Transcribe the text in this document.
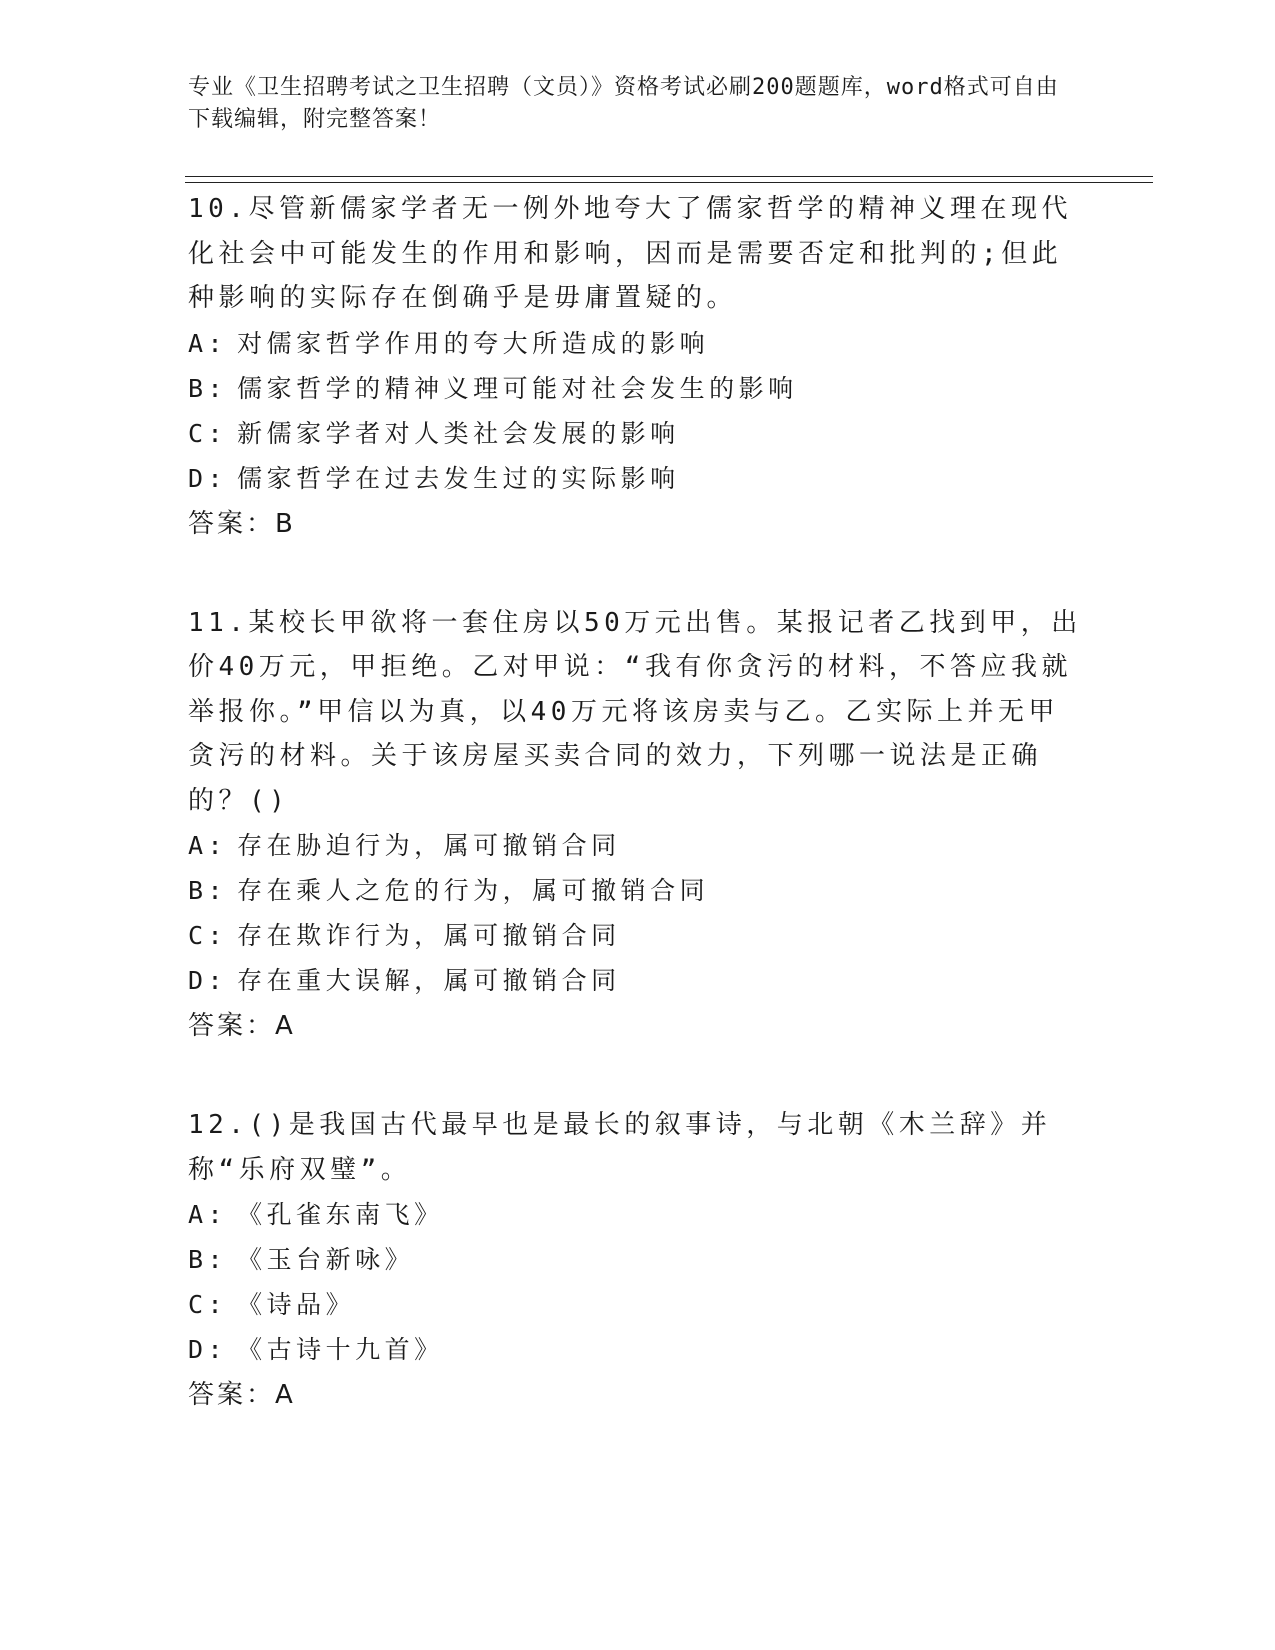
专业《卫生招聘考试之卫生招聘（文员）》资格考试必刷200题题库，word格式可自由下载编辑，附完整答案！
10.尽管新儒家学者无一例外地夸大了儒家哲学的精神义理在现代化社会中可能发生的作用和影响，因而是需要否定和批判的;但此种影响的实际存在倒确乎是毋庸置疑的。
A: 对儒家哲学作用的夸大所造成的影响
B: 儒家哲学的精神义理可能对社会发生的影响
C: 新儒家学者对人类社会发展的影响
D: 儒家哲学在过去发生过的实际影响
答案：B
11.某校长甲欲将一套住房以50万元出售。某报记者乙找到甲，出价40万元，甲拒绝。乙对甲说：“我有你贪污的材料，不答应我就举报你。”甲信以为真，以40万元将该房卖与乙。乙实际上并无甲贪污的材料。关于该房屋买卖合同的效力，下列哪一说法是正确的？()
A: 存在胁迫行为，属可撤销合同
B: 存在乘人之危的行为，属可撤销合同
C: 存在欺诈行为，属可撤销合同
D: 存在重大误解，属可撤销合同
答案：A
12.()是我国古代最早也是最长的叙事诗，与北朝《木兰辞》并称“乐府双璧”。
A: 《孔雀东南飞》
B: 《玉台新咏》
C: 《诗品》
D: 《古诗十九首》
答案：A
